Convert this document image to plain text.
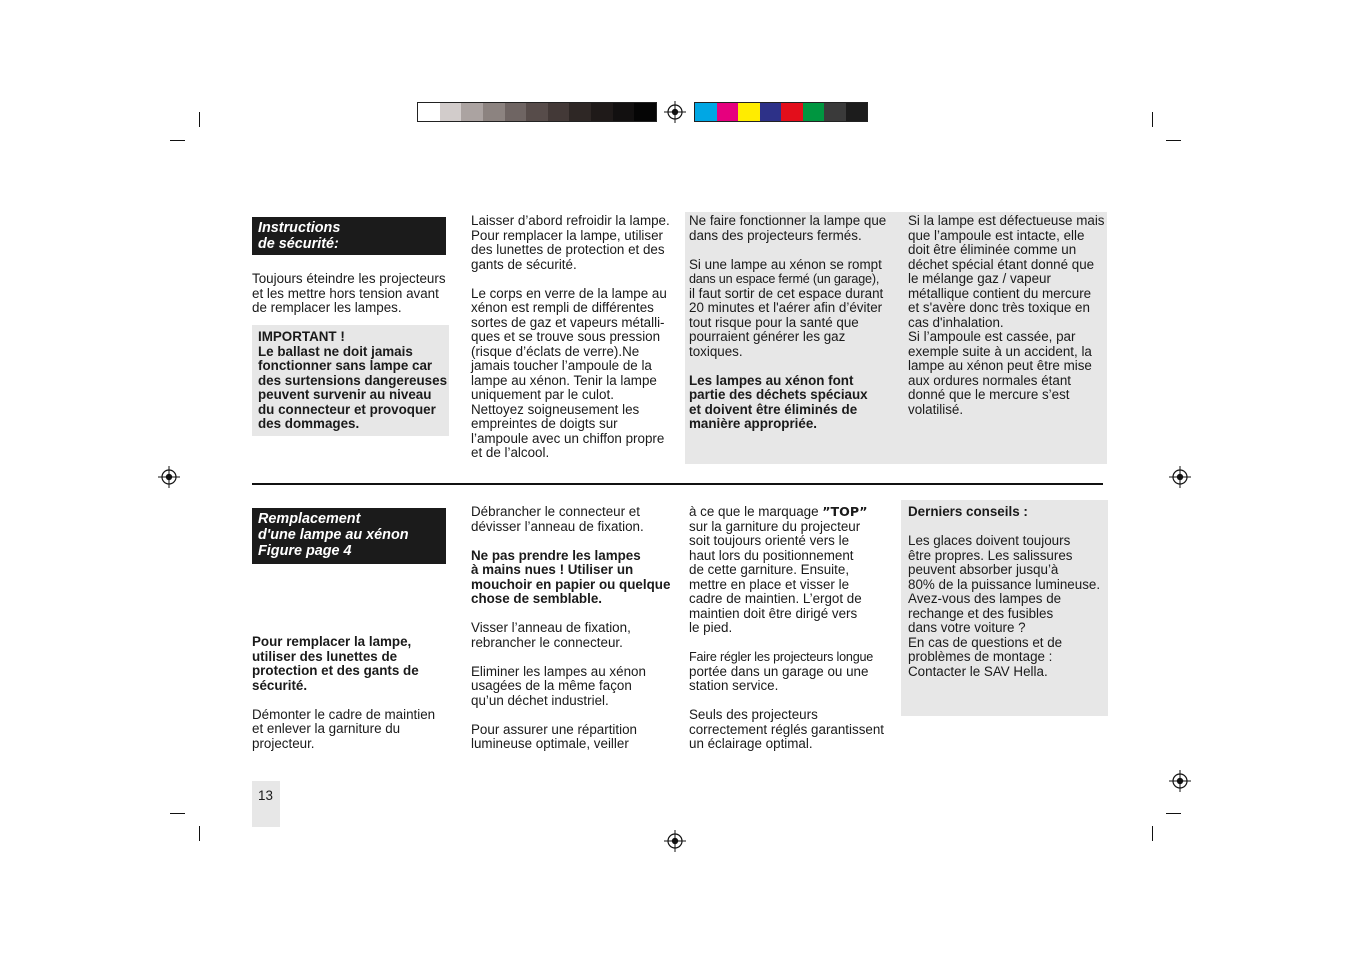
Instructions
de sécurité:

Toujours éteindre les projecteurs
et les mettre hors tension avant
de remplacer les lampes.

IMPORTANT !
Le ballast ne doit jamais
fonctionner sans lampe car
des surtensions dangereuses
peuvent survenir au niveau
du connecteur et provoquer
des dommages.

Laisser d’abord refroidir la lampe.
Pour remplacer la lampe, utiliser
des lunettes de protection et des
gants de sécurité.

Le corps en verre de la lampe au
xénon est rempli de différentes
sortes de gaz et vapeurs métalli-
ques et se trouve sous pression
(risque d’éclats de verre).Ne
jamais toucher l’ampoule de la
lampe au xénon. Tenir la lampe
uniquement par le culot.
Nettoyez soigneusement les
empreintes de doigts sur
l’ampoule avec un chiffon propre
et de l’alcool.

Ne faire fonctionner la lampe que
dans des projecteurs fermés.

Si une lampe au xénon se rompt
dans un espace fermé (un garage),
il faut sortir de cet espace durant
20 minutes et l'aérer afin d’éviter
tout risque pour la santé que
pourraient générer les gaz
toxiques.

Les lampes au xénon font
partie des déchets spéciaux
et doivent être éliminés de
manière appropriée.

Si la lampe est défectueuse mais
que l’ampoule est intacte, elle
doit être éliminée comme un
déchet spécial étant donné que
le mélange gaz / vapeur
métallique contient du mercure
et s'avère donc très toxique en
cas d'inhalation.
Si l’ampoule est cassée, par
exemple suite à un accident, la
lampe au xénon peut être mise
aux ordures normales étant
donné que le mercure s’est
volatilisé.

Remplacement
d'une lampe au xénon
Figure page 4

Pour remplacer la lampe,
utiliser des lunettes de
protection et des gants de
sécurité.

Démonter le cadre de maintien
et enlever la garniture du
projecteur.

Débrancher le connecteur et
dévisser l’anneau de fixation.

Ne pas prendre les lampes
à mains nues ! Utiliser un
mouchoir en papier ou quelque
chose de semblable.

Visser l’anneau de fixation,
rebrancher le connecteur.

Eliminer les lampes au xénon
usagées de la même façon
qu’un déchet industriel.

Pour assurer une répartition
lumineuse optimale, veiller

à ce que le marquage ”TOP”
sur la garniture du projecteur
soit toujours orienté vers le
haut lors du positionnement
de cette garniture. Ensuite,
mettre en place et visser le
cadre de maintien. L’ergot de
maintien doit être dirigé vers
le pied.

Faire régler les projecteurs longue
portée dans un garage ou une
station service.

Seuls des projecteurs
correctement réglés garantissent
un éclairage optimal.

Derniers conseils :

Les glaces doivent toujours
être propres. Les salissures
peuvent absorber jusqu’à
80% de la puissance lumineuse.
Avez-vous des lampes de
rechange et des fusibles
dans votre voiture ?
En cas de questions et de
problèmes de montage :
Contacter le SAV Hella.

13
